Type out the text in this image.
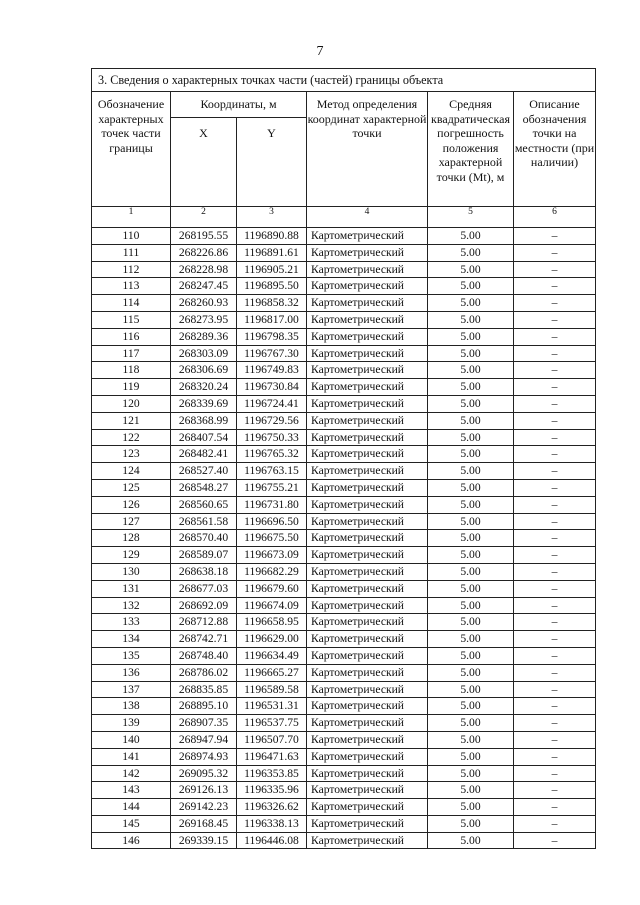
7
3. Сведения о характерных точках части (частей) границы объекта					
Обозначение характерных точек части границы	Координаты, м		Метод определения координат характерной точки	Средняя квадратическая погрешность положения характерной точки (Mt), м	Описание обозначения точки на местности (при наличии)
	X	Y			
1	2	3	4	5	6
110	268195.55	1196890.88	Картометрический	5.00	–
111	268226.86	1196891.61	Картометрический	5.00	–
112	268228.98	1196905.21	Картометрический	5.00	–
113	268247.45	1196895.50	Картометрический	5.00	–
114	268260.93	1196858.32	Картометрический	5.00	–
115	268273.95	1196817.00	Картометрический	5.00	–
116	268289.36	1196798.35	Картометрический	5.00	–
117	268303.09	1196767.30	Картометрический	5.00	–
118	268306.69	1196749.83	Картометрический	5.00	–
119	268320.24	1196730.84	Картометрический	5.00	–
120	268339.69	1196724.41	Картометрический	5.00	–
121	268368.99	1196729.56	Картометрический	5.00	–
122	268407.54	1196750.33	Картометрический	5.00	–
123	268482.41	1196765.32	Картометрический	5.00	–
124	268527.40	1196763.15	Картометрический	5.00	–
125	268548.27	1196755.21	Картометрический	5.00	–
126	268560.65	1196731.80	Картометрический	5.00	–
127	268561.58	1196696.50	Картометрический	5.00	–
128	268570.40	1196675.50	Картометрический	5.00	–
129	268589.07	1196673.09	Картометрический	5.00	–
130	268638.18	1196682.29	Картометрический	5.00	–
131	268677.03	1196679.60	Картометрический	5.00	–
132	268692.09	1196674.09	Картометрический	5.00	–
133	268712.88	1196658.95	Картометрический	5.00	–
134	268742.71	1196629.00	Картометрический	5.00	–
135	268748.40	1196634.49	Картометрический	5.00	–
136	268786.02	1196665.27	Картометрический	5.00	–
137	268835.85	1196589.58	Картометрический	5.00	–
138	268895.10	1196531.31	Картометрический	5.00	–
139	268907.35	1196537.75	Картометрический	5.00	–
140	268947.94	1196507.70	Картометрический	5.00	–
141	268974.93	1196471.63	Картометрический	5.00	–
142	269095.32	1196353.85	Картометрический	5.00	–
143	269126.13	1196335.96	Картометрический	5.00	–
144	269142.23	1196326.62	Картометрический	5.00	–
145	269168.45	1196338.13	Картометрический	5.00	–
146	269339.15	1196446.08	Картометрический	5.00	–
